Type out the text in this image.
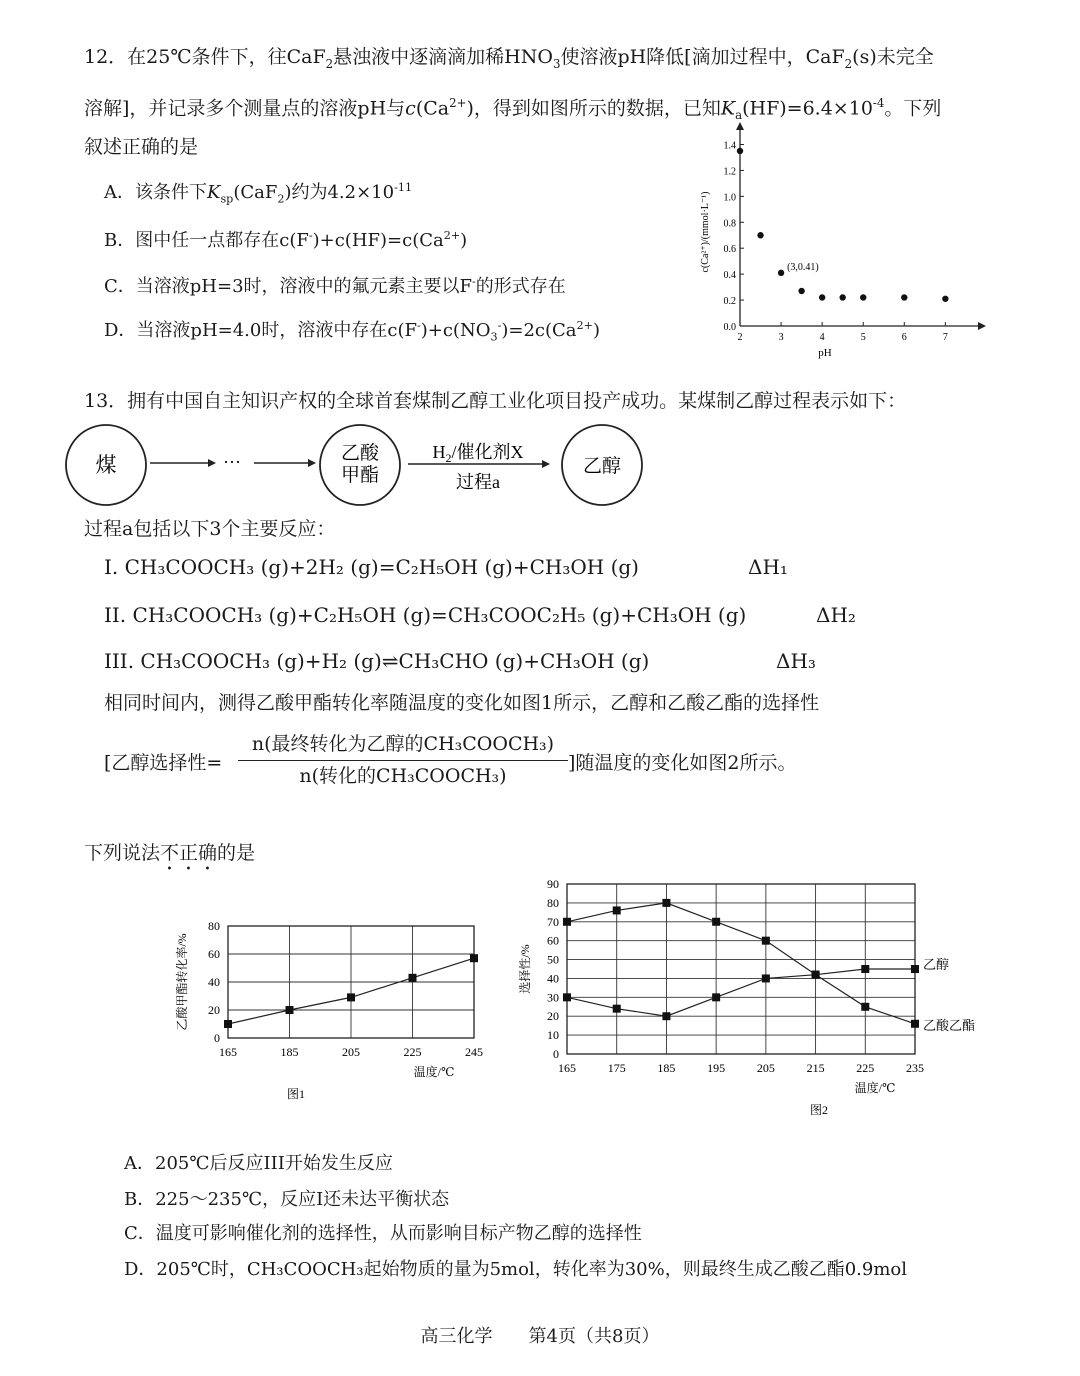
12．在25℃条件下，往CaF$_2$悬浊液中逐滴滴加稀$HNO_3$使溶液pH降低[滴加过程中，CaF$_2$(s)未完全
溶解]，并记录多个测量点的溶液pH与$c(Ca^{2+})$，得到如图所示的数据，已知$K_a(HF)=6.4\times 10^{-4}$。下列
叙述正确的是
A．该条件下$K_{sp}(CaF_2)$约为$4.2\times 10^{-11}$
B．图中任一点都存在$c(F^-)+c(HF)=c(Ca^{2+})$
C．当溶液pH=3时，溶液中的氟元素主要以F-的形式存在
D．当溶液pH=4.0时，溶液中存在$c(F^-)+c(NO_3^-)=2c(Ca^{2+})$	2	3	4	5	6	7
0.0
0.2
0.4
0.6
0.8
1.0
1.2
1.4
pH
c(Ca²⁺)/(mmol·L⁻¹)	(3,0.41)
13．拥有中国自主知识产权的全球首套煤制乙醇工业化项目投产成功。某煤制乙醇过程表示如下：
煤	···	乙酸
甲酯
$H_2/$催化剂X
过程a
乙醇
过程a包括以下3个主要反应：
I. CH₃COOCH₃ (g)+2H₂ (g)=C₂H₅OH (g)+CH₃OH (g)	ΔH₁
II. CH₃COOCH₃ (g)+C₂H₅OH (g)=CH₃COOC₂H₅ (g)+CH₃OH (g)	ΔH₂
III. CH₃COOCH₃ (g)+H₂ (g)⇌CH₃CHO (g)+CH₃OH (g)	ΔH₃
相同时间内，测得乙酸甲酯转化率随温度的变化如图1所示，乙醇和乙酸乙酯的选择性
[乙醇选择性=
n(最终转化为乙醇的CH₃COOCH₃)
n(转化的CH₃COOCH₃)
]随温度的变化如图2所示。
下列说法不正确的是
165	185	205	225	245
0
20
40
60
80
温度/℃
图1
乙酸甲酯转化率/%
165	175	185	195	205	215	225	235
0
10
20
30
40
50
60
70
80
90
温度/℃
图2
选择性/%	乙醇
乙酸乙酯
A．205℃后反应III开始发生反应
B．225～235℃，反应I还未达平衡状态
C．温度可影响催化剂的选择性，从而影响目标产物乙醇的选择性
D．205℃时，CH₃COOCH₃起始物质的量为5mol，转化率为30%，则最终生成乙酸乙酯0.9mol
高三化学 第4页（共8页）
